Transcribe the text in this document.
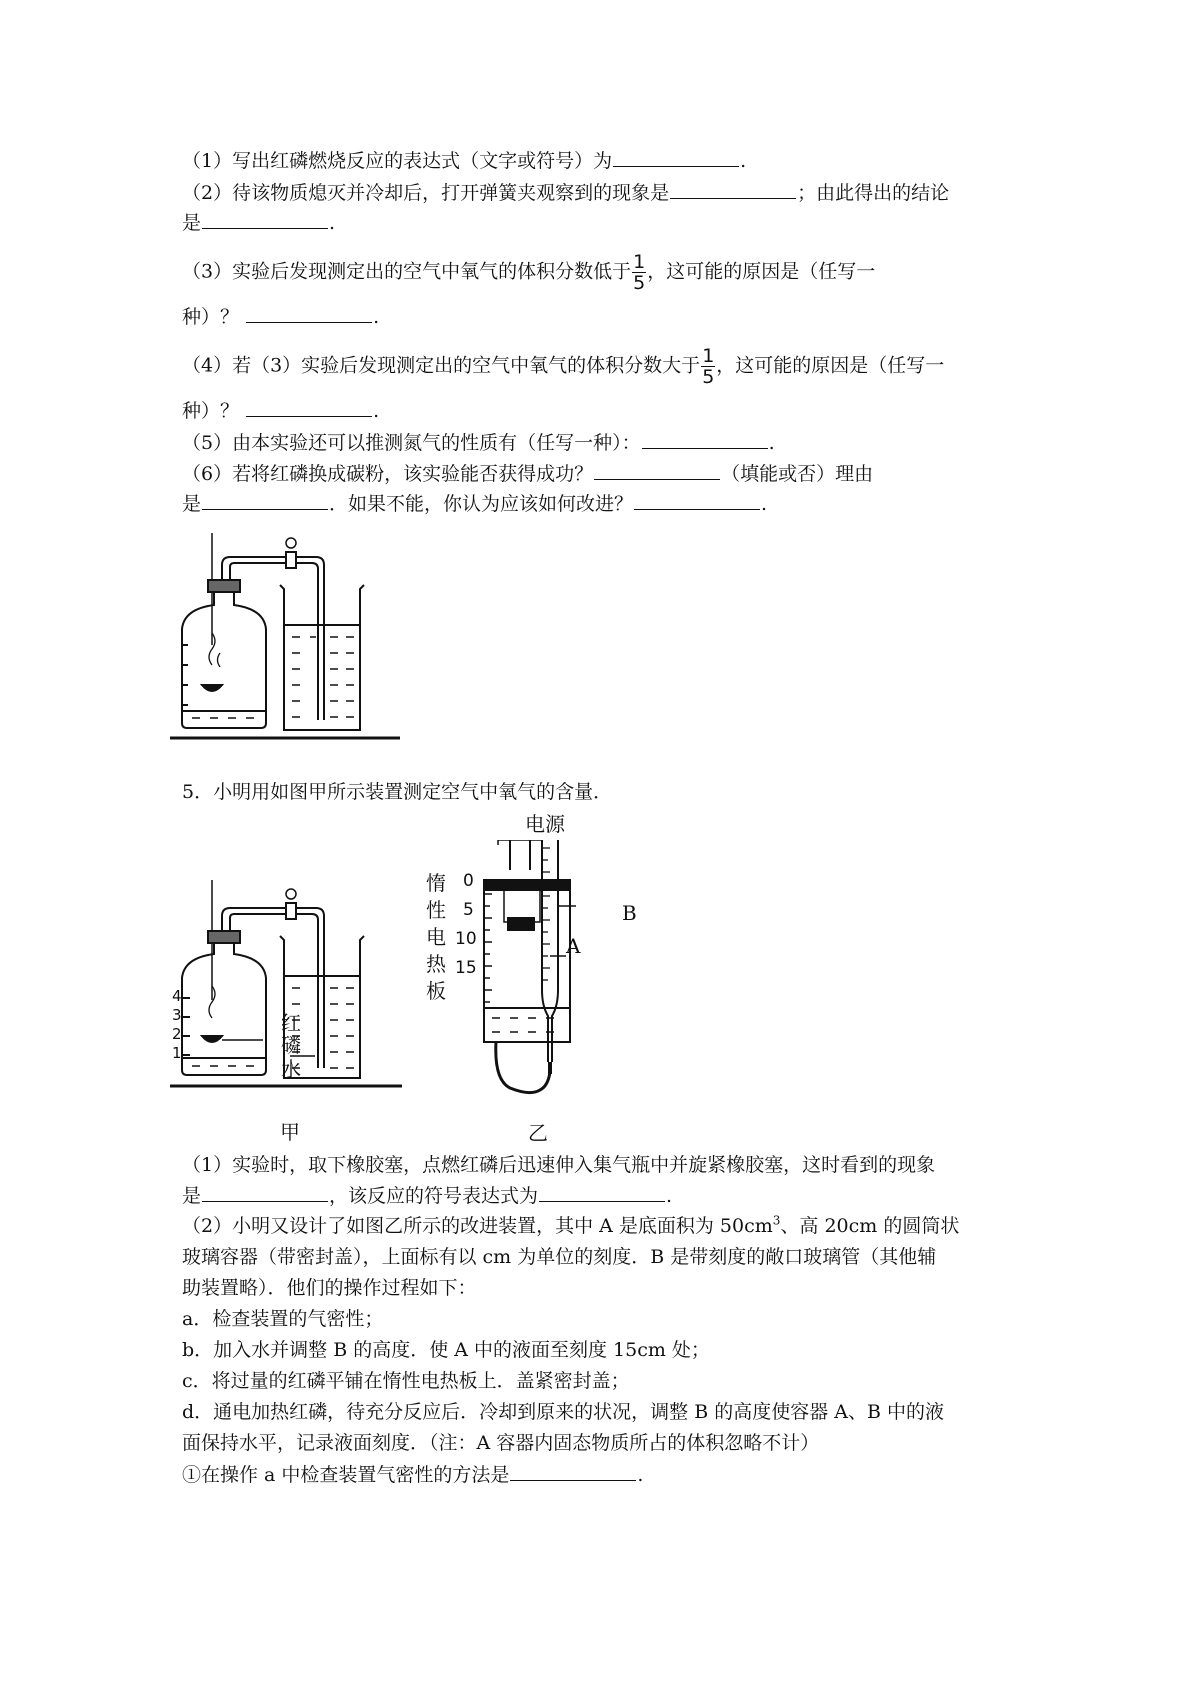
（1）写出红磷燃烧反应的表达式（文字或符号）为	.
（2）待该物质熄灭并冷却后，打开弹簧夹观察到的现象是	；由此得出的结论
是	.
（3）实验后发现测定出的空气中氧气的体积分数低于 $\frac{1}{5}$ ，这可能的原因是（任写一
种）？	.
（4）若（3）实验后发现测定出的空气中氧气的体积分数大于 $\frac{1}{5}$ ，这可能的原因是（任写一
种）？	.
（5）由本实验还可以推测氮气的性质有（任写一种）：	.
（6）若将红磷换成碳粉，该实验能否获得成功？	（填能或否）理由
是	．如果不能，你认为应该如何改进？	.
5．小明用如图甲所示装置测定空气中氧气的含量．
4
3
2
1
红
磷
水
甲
电源
惰
性
电
热
板
0
5
10
15
A
B
乙
（1）实验时，取下橡胶塞，点燃红磷后迅速伸入集气瓶中并旋紧橡胶塞，这时看到的现象
是	，该反应的符号表达式为	.
（2）小明又设计了如图乙所示的改进装置，其中 A 是底面积为 $50cm^3$、高 20cm 的圆筒状
玻璃容器（带密封盖），上面标有以 cm 为单位的刻度．B 是带刻度的敞口玻璃管（其他辅
助装置略）．他们的操作过程如下：
a．检查装置的气密性；
b．加入水并调整 B 的高度．使 A 中的液面至刻度 15cm 处；
c．将过量的红磷平铺在惰性电热板上．盖紧密封盖；
d．通电加热红磷，待充分反应后．冷却到原来的状况，调整 B 的高度使容器 A、B 中的液
面保持水平，记录液面刻度．（注：A 容器内固态物质所占的体积忽略不计）
①在操作 a 中检查装置气密性的方法是	.
